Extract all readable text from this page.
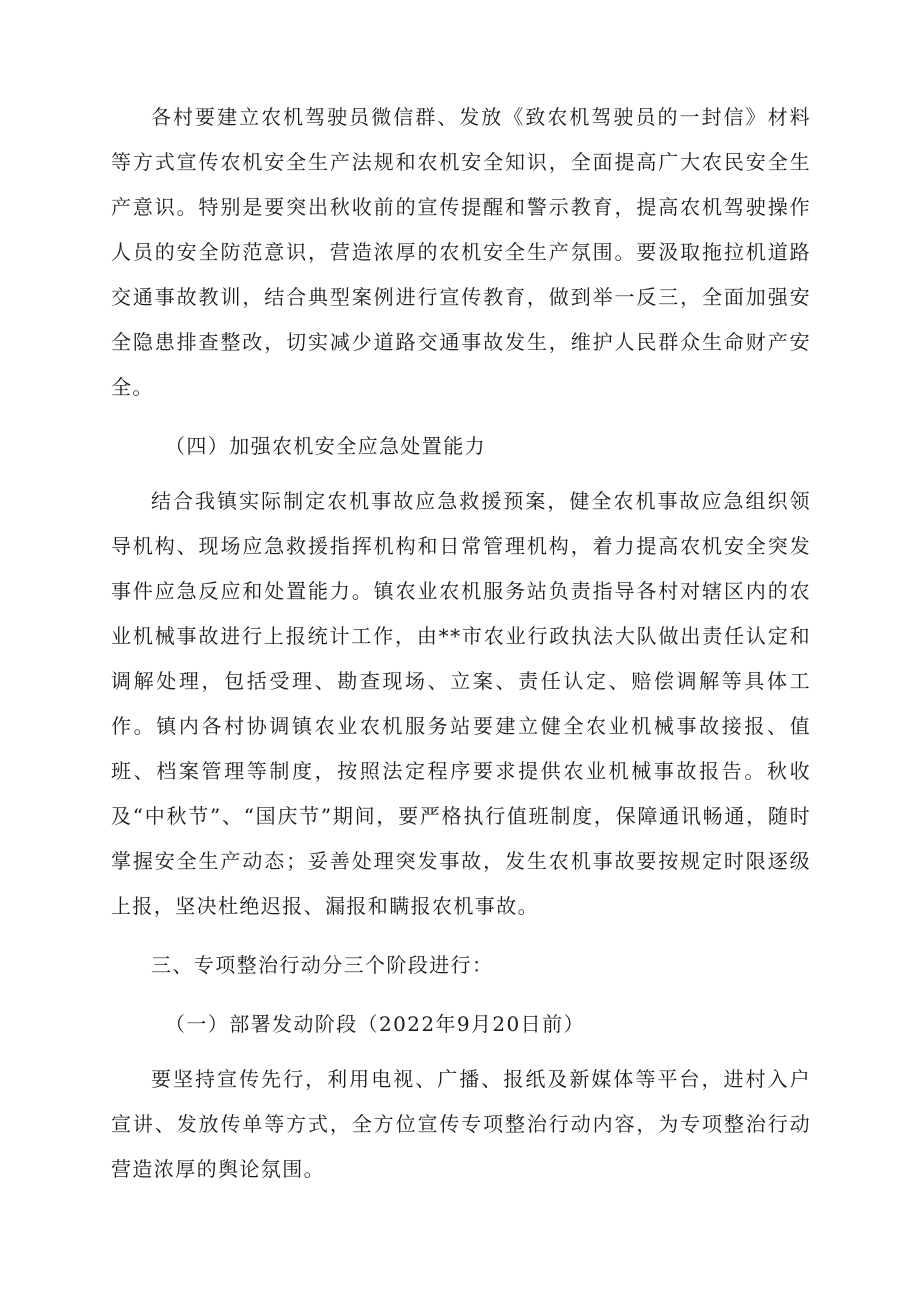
各村要建立农机驾驶员微信群、发放《致农机驾驶员的一封信》材料等方式宣传农机安全生产法规和农机安全知识，全面提高广大农民安全生产意识。特别是要突出秋收前的宣传提醒和警示教育，提高农机驾驶操作人员的安全防范意识，营造浓厚的农机安全生产氛围。要汲取拖拉机道路交通事故教训，结合典型案例进行宣传教育，做到举一反三，全面加强安全隐患排查整改，切实减少道路交通事故发生，维护人民群众生命财产安全。

（四）加强农机安全应急处置能力

结合我镇实际制定农机事故应急救援预案，健全农机事故应急组织领导机构、现场应急救援指挥机构和日常管理机构，着力提高农机安全突发事件应急反应和处置能力。镇农业农机服务站负责指导各村对辖区内的农业机械事故进行上报统计工作，由**市农业行政执法大队做出责任认定和调解处理，包括受理、勘查现场、立案、责任认定、赔偿调解等具体工作。镇内各村协调镇农业农机服务站要建立健全农业机械事故接报、值班、档案管理等制度，按照法定程序要求提供农业机械事故报告。秋收及“中秋节”、“国庆节”期间，要严格执行值班制度，保障通讯畅通，随时掌握安全生产动态；妥善处理突发事故，发生农机事故要按规定时限逐级上报，坚决杜绝迟报、漏报和瞒报农机事故。

三、专项整治行动分三个阶段进行：

（一）部署发动阶段（2022年9月20日前）

要坚持宣传先行，利用电视、广播、报纸及新媒体等平台，进村入户宣讲、发放传单等方式，全方位宣传专项整治行动内容，为专项整治行动营造浓厚的舆论氛围。
